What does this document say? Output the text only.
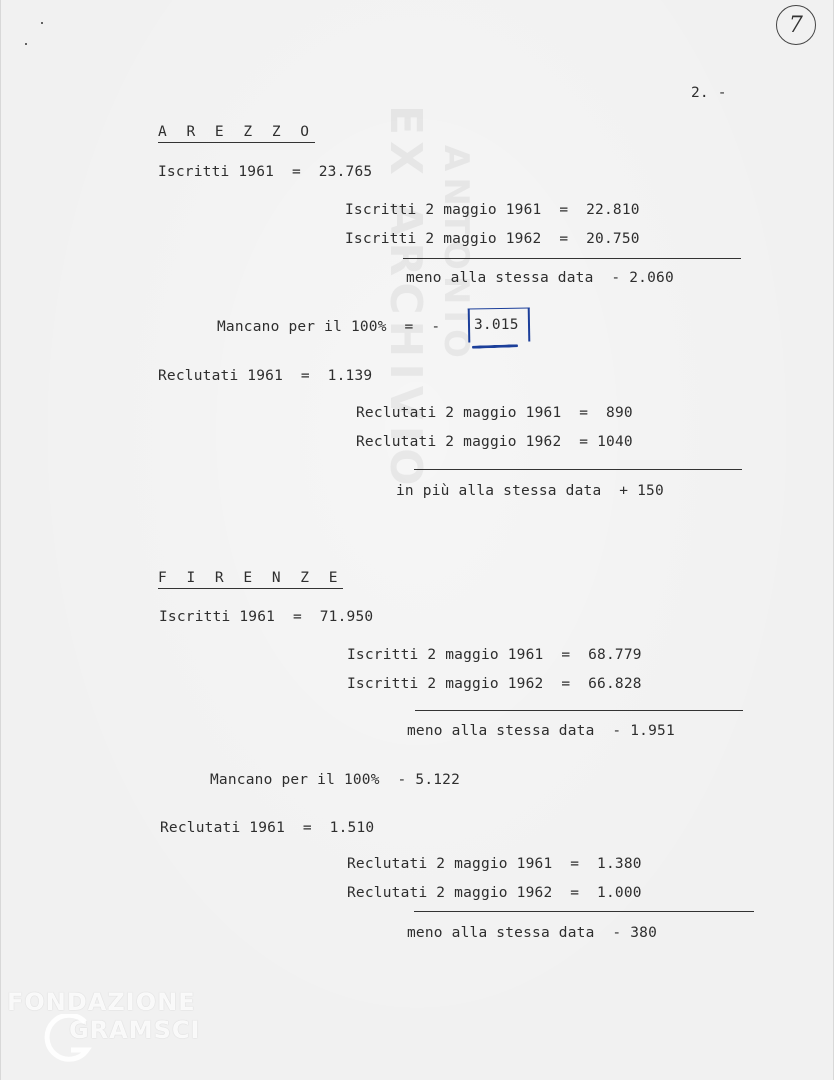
EX ARCHIVIO ANTONIO
7
2. -
A R E Z Z O
Iscritti 1961  =  23.765
Iscritti 2 maggio 1961  =  22.810
Iscritti 2 maggio 1962  =  20.750
meno alla stessa data  - 2.060
Mancano per il 100%  =  - 3.015
Reclutati 1961  =  1.139
Reclutati 2 maggio 1961  =  890
Reclutati 2 maggio 1962  = 1040
in più alla stessa data  + 150
F I R E N Z E
Iscritti 1961  =  71.950
Iscritti 2 maggio 1961  =  68.779
Iscritti 2 maggio 1962  =  66.828
meno alla stessa data  - 1.951
Mancano per il 100%  - 5.122
Reclutati 1961  =  1.510
Reclutati 2 maggio 1961  =  1.380
Reclutati 2 maggio 1962  =  1.000
meno alla stessa data  - 380
FONDAZIONE
GRAMSCI
